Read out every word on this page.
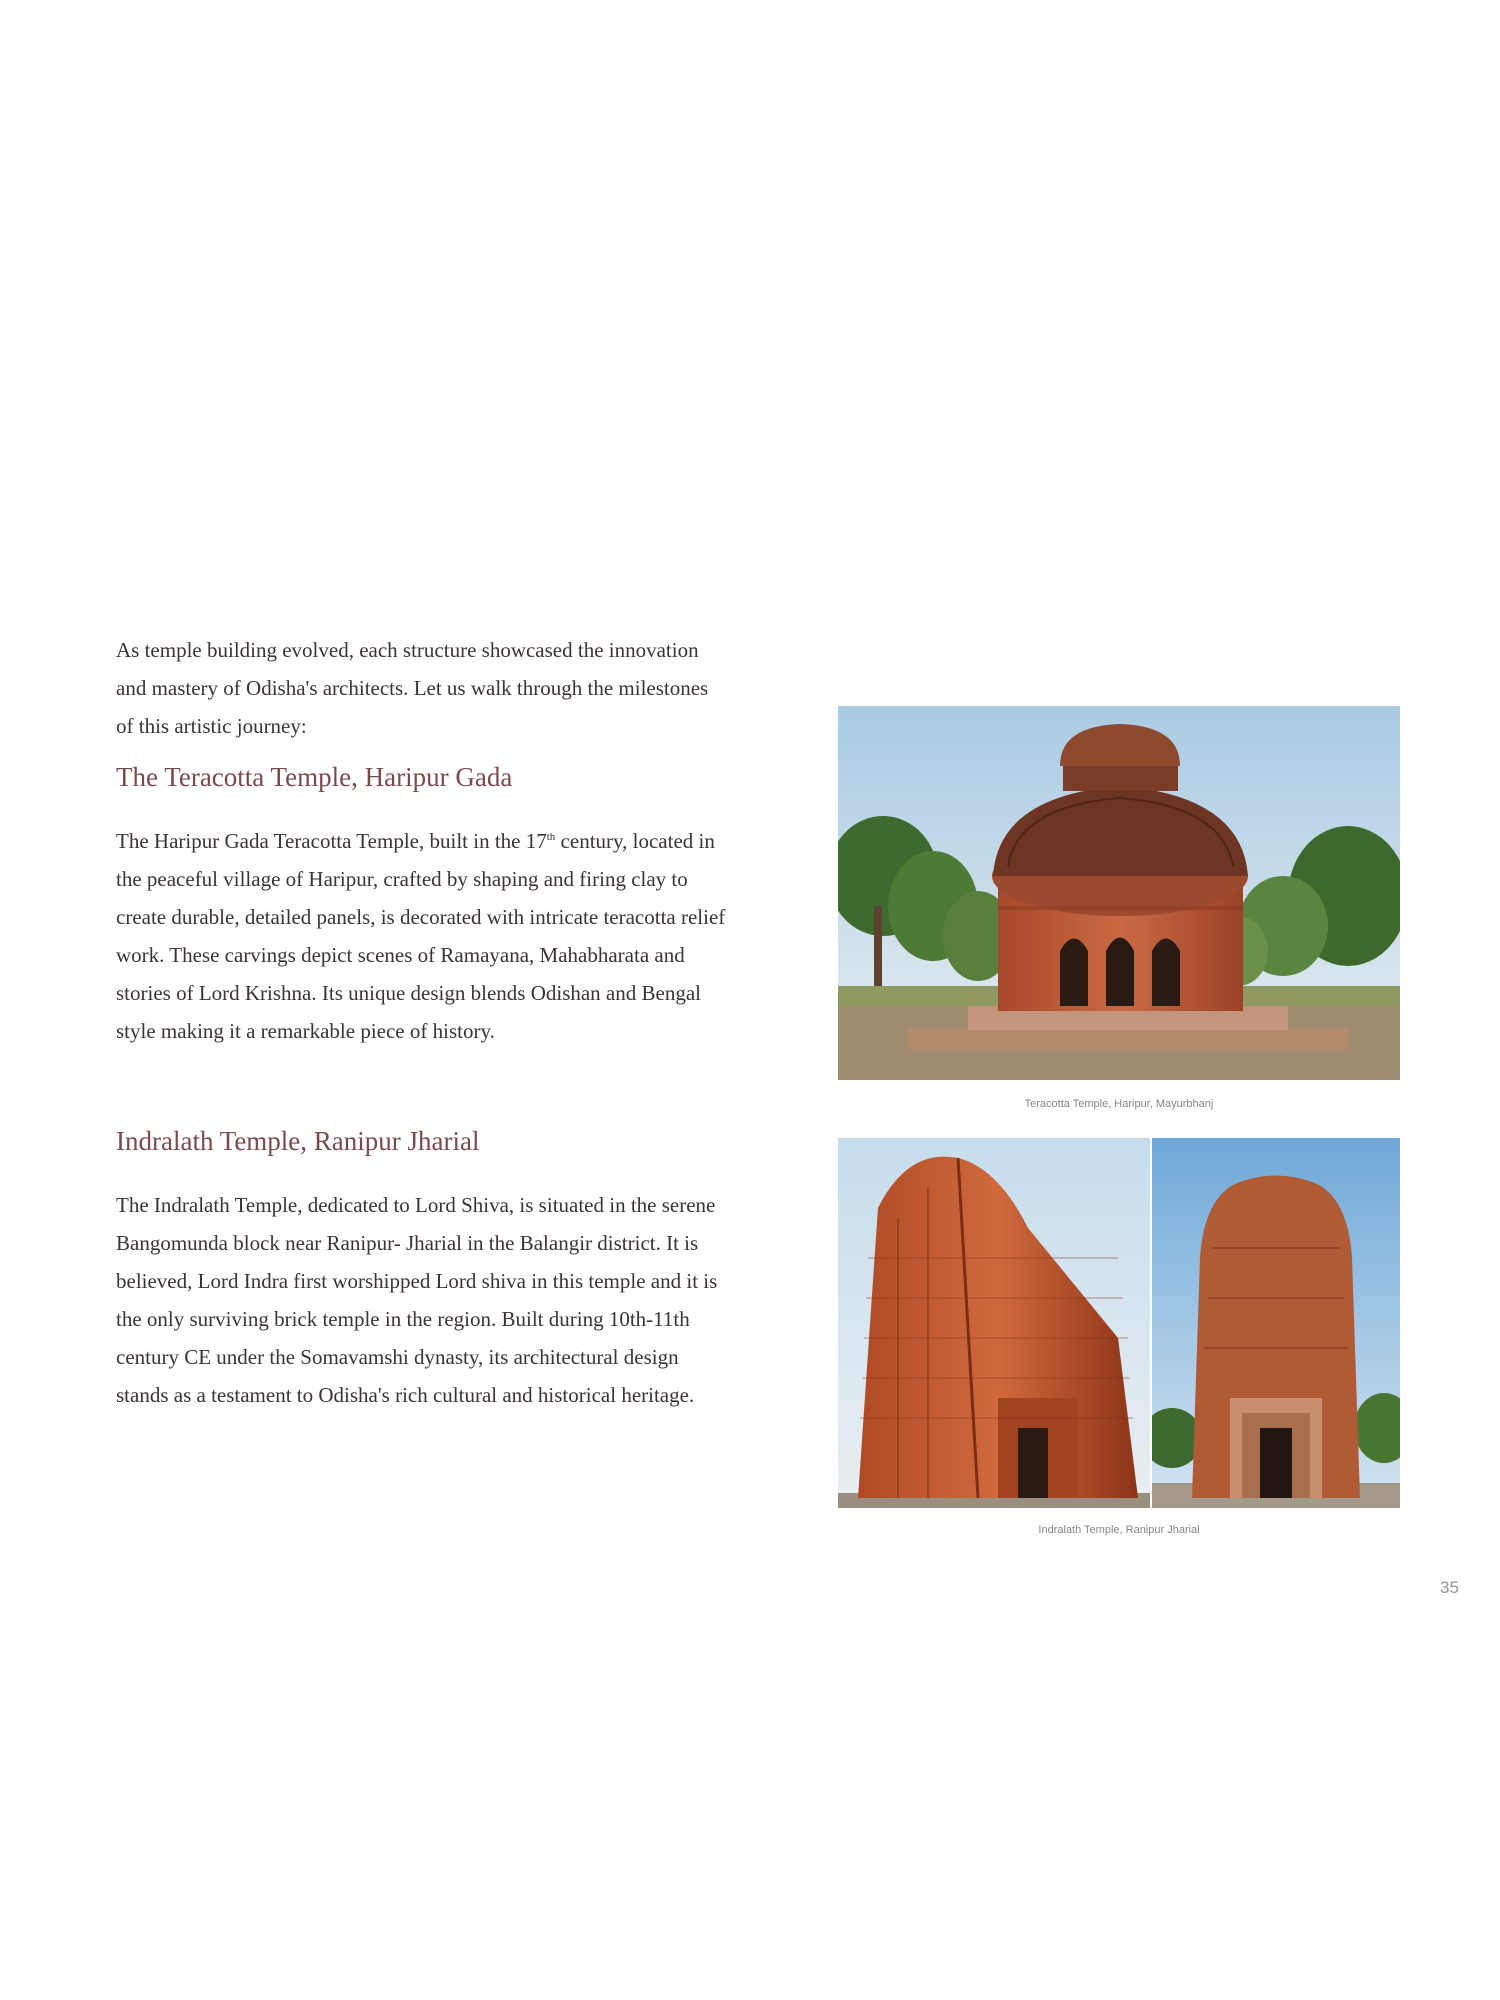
As temple building evolved, each structure showcased the innovation and mastery of Odisha's architects. Let us walk through the milestones of this artistic journey:

The Teracotta Temple, Haripur Gada

The Haripur Gada Teracotta Temple, built in the 17th century, located in the peaceful village of Haripur, crafted by shaping and firing clay to create durable, detailed panels, is decorated with intricate teracotta relief work. These carvings depict scenes of Ramayana, Mahabharata and stories of Lord Krishna. Its unique design blends Odishan and Bengal style making it a remarkable piece of history.

Indralath Temple, Ranipur Jharial

The Indralath Temple, dedicated to Lord Shiva, is situated in the serene Bangomunda block near Ranipur- Jharial in the Balangir district. It is believed, Lord Indra first worshipped Lord shiva in this temple and it is the only surviving brick temple in the region. Built during 10th-11th century CE under the Somavamshi dynasty, its architectural design stands as a testament to Odisha's rich cultural and historical heritage.

Teracotta Temple, Haripur, Mayurbhanj
Indralath Temple, Ranipur Jharial
35
